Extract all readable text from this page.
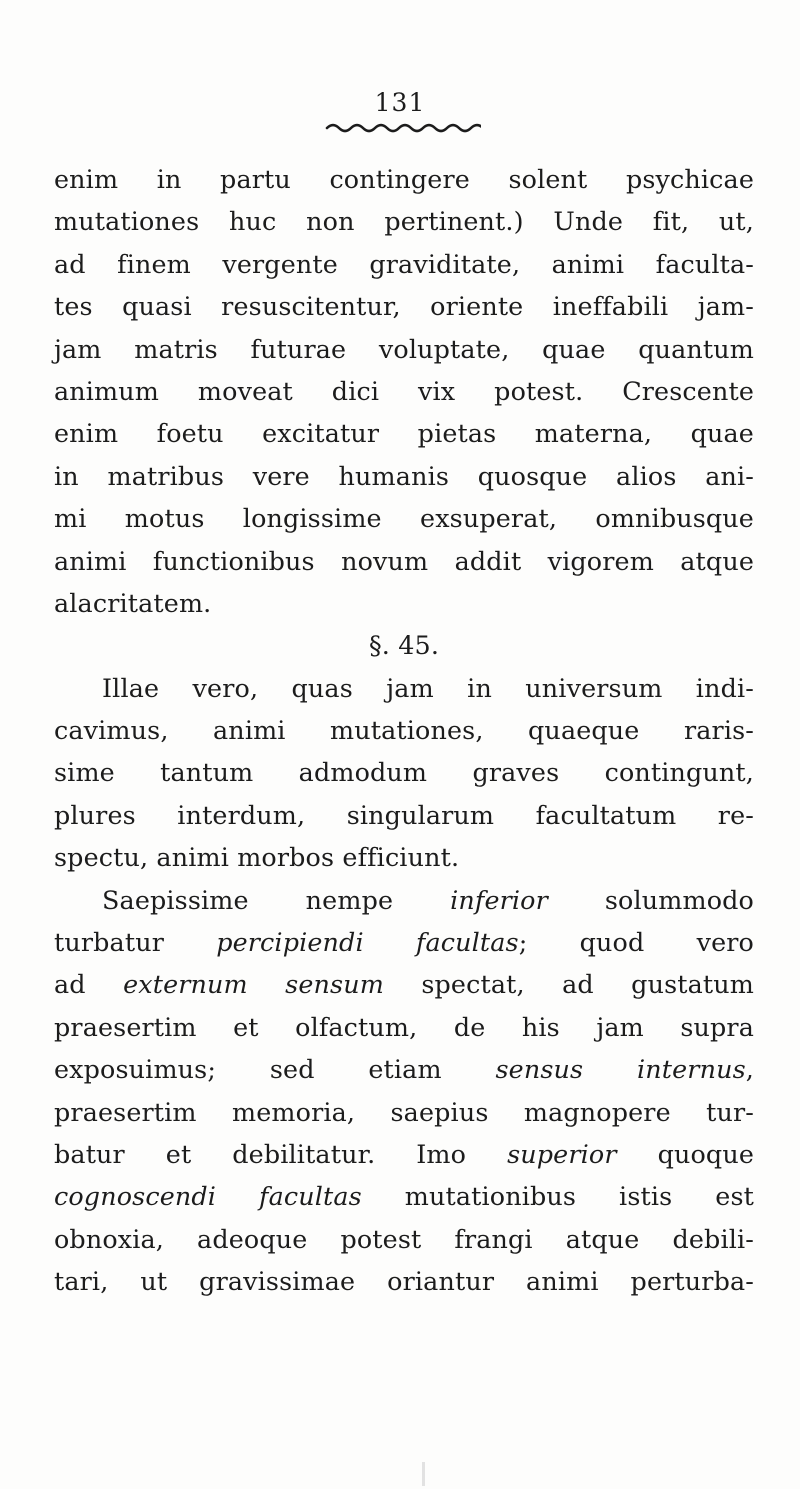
131
enim in partu contingere solent psychicae
mutationes huc non pertinent.) Unde fit, ut,
ad finem vergente graviditate, animi faculta-
tes quasi resuscitentur, oriente ineffabili jam-
jam matris futurae voluptate, quae quantum
animum moveat dici vix potest. Crescente
enim foetu excitatur pietas materna, quae
in matribus vere humanis quosque alios ani-
mi motus longissime exsuperat, omnibusque
animi functionibus novum addit vigorem atque
alacritatem.
§. 45.
Illae vero, quas jam in universum indi-
cavimus, animi mutationes, quaeque raris-
sime tantum admodum graves contingunt,
plures interdum, singularum facultatum re-
spectu, animi morbos efficiunt.
Saepissime nempe inferior solummodo
turbatur percipiendi facultas; quod vero
ad externum sensum spectat, ad gustatum
praesertim et olfactum, de his jam supra
exposuimus; sed etiam sensus internus,
praesertim memoria, saepius magnopere tur-
batur et debilitatur. Imo superior quoque
cognoscendi facultas mutationibus istis est
obnoxia, adeoque potest frangi atque debili-
tari, ut gravissimae oriantur animi perturba-
